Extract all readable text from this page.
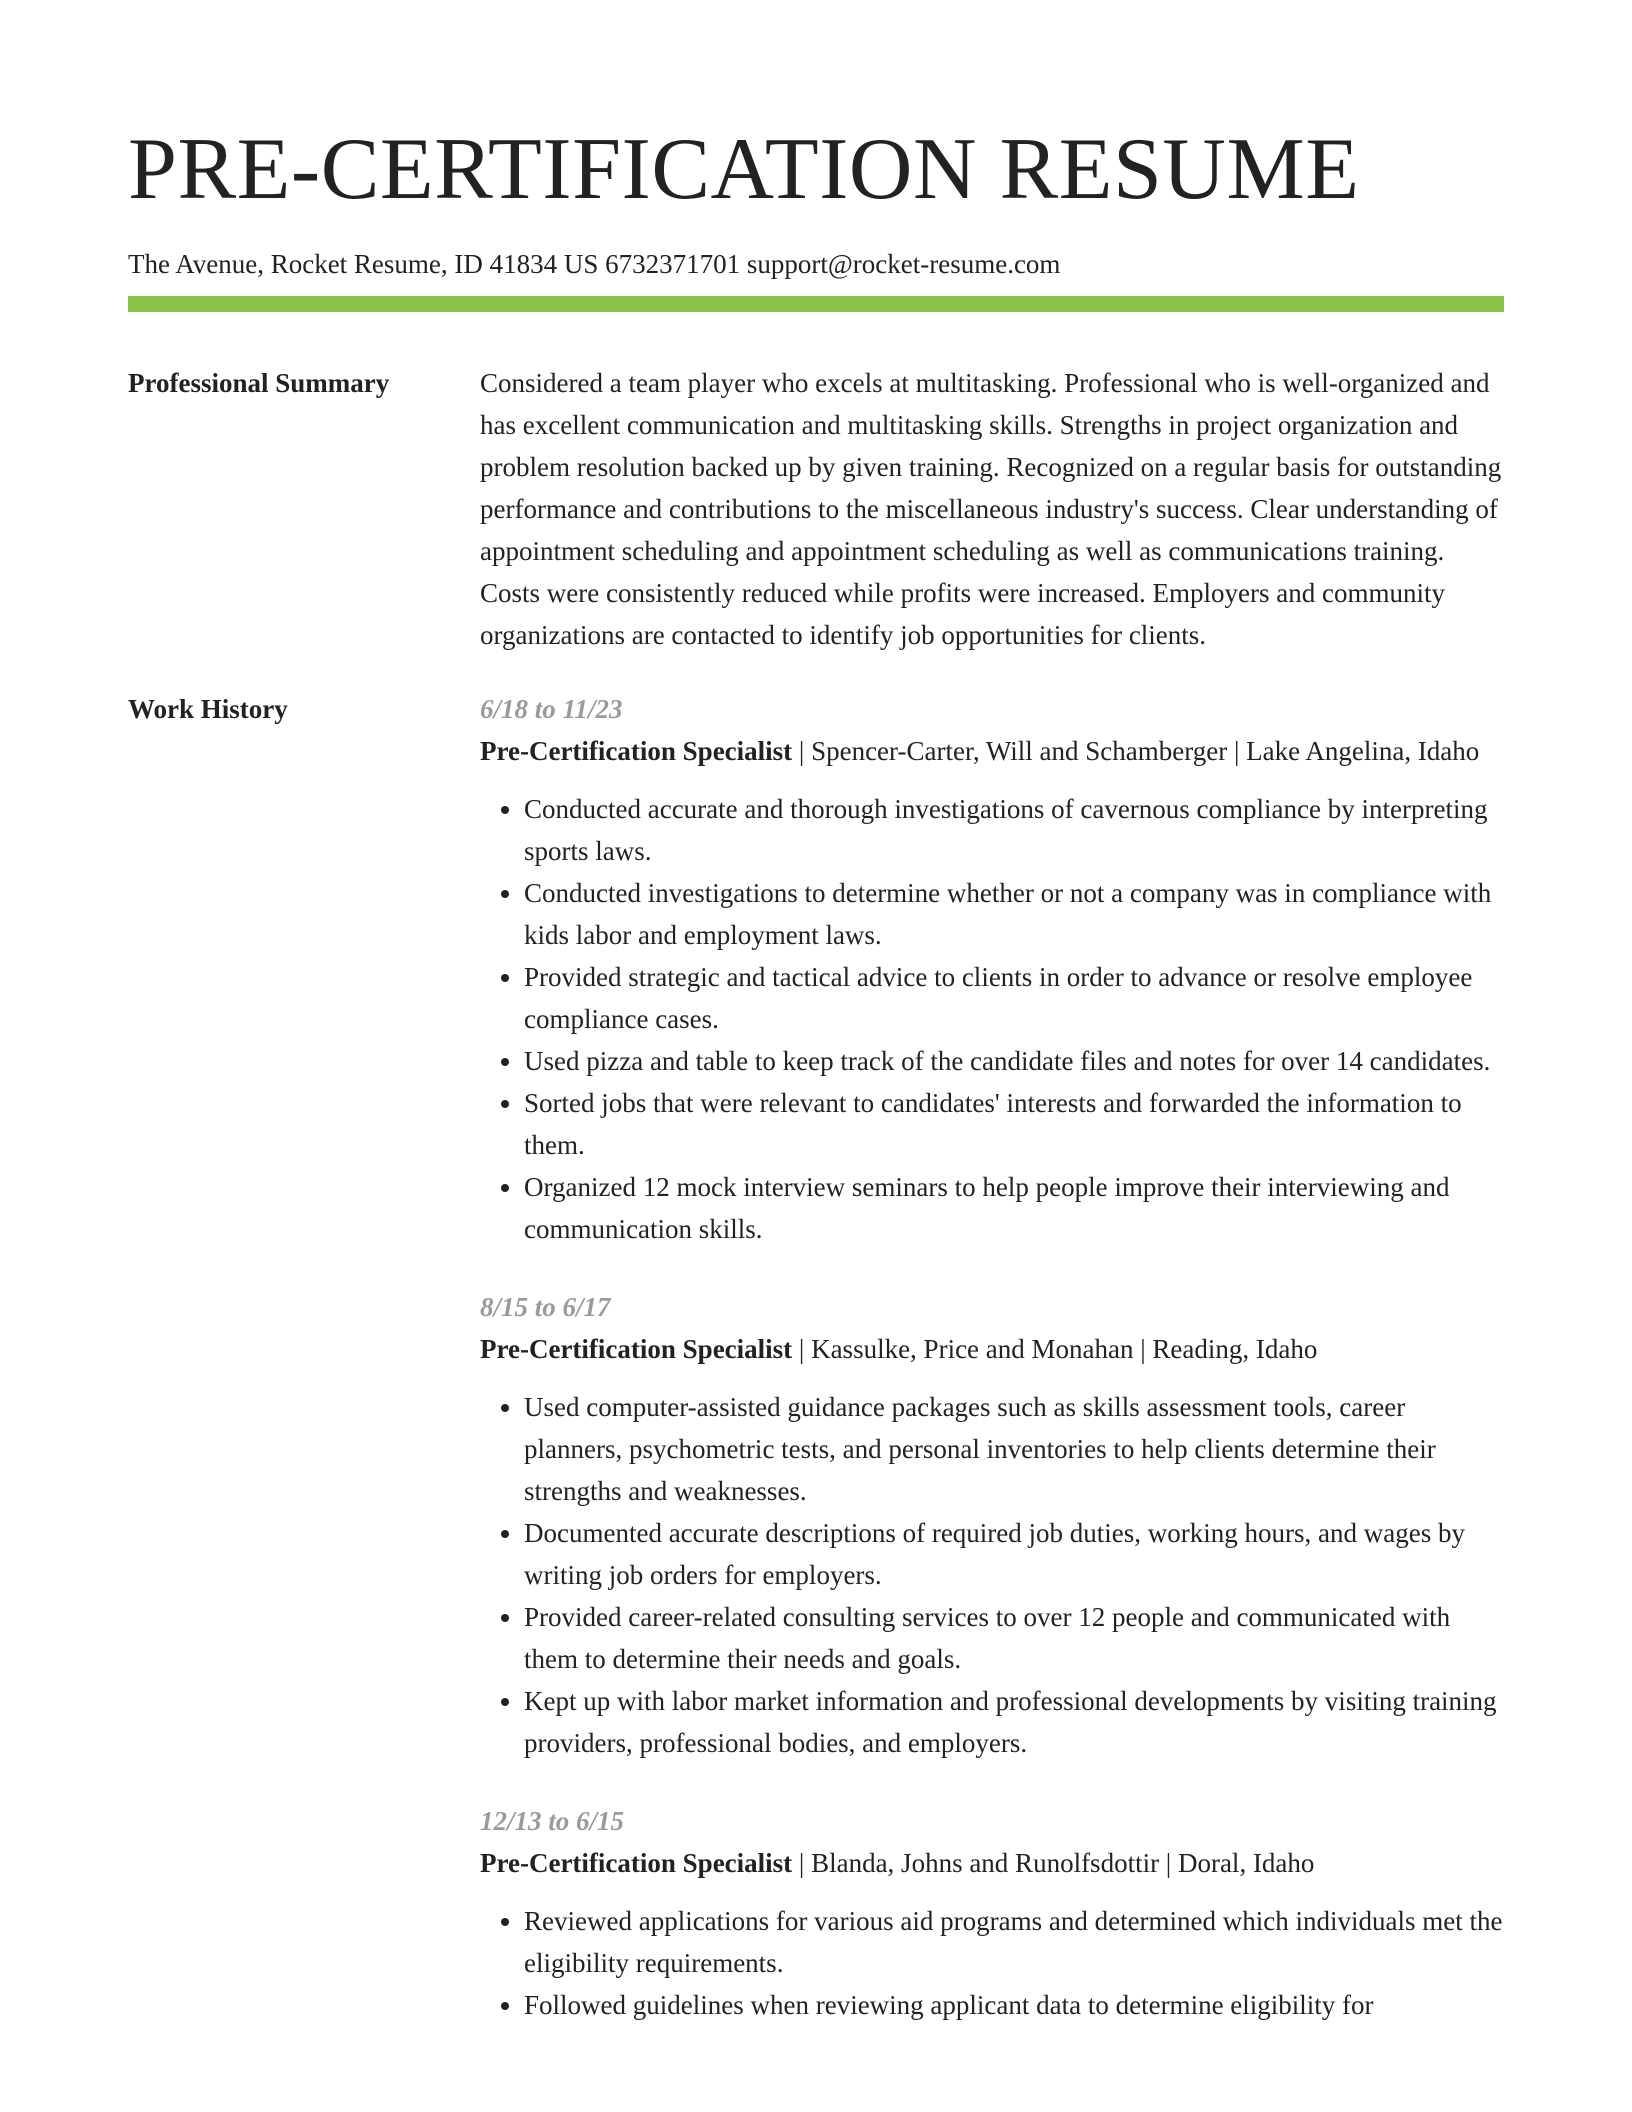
PRE-CERTIFICATION RESUME
The Avenue, Rocket Resume, ID 41834 US 6732371701 support@rocket-resume.com
Professional Summary	Considered a team player who excels at multitasking. Professional who is well-organized and has excellent communication and multitasking skills. Strengths in project organization and problem resolution backed up by given training. Recognized on a regular basis for outstanding performance and contributions to the miscellaneous industry's success. Clear understanding of appointment scheduling and appointment scheduling as well as communications training. Costs were consistently reduced while profits were increased. Employers and community organizations are contacted to identify job opportunities for clients.

Work History	6/18 to 11/23

Pre-Certification Specialist | Spencer-Carter, Will and Schamberger | Lake Angelina, Idaho

• Conducted accurate and thorough investigations of cavernous compliance by interpreting sports laws.
• Conducted investigations to determine whether or not a company was in compliance with kids labor and employment laws.
• Provided strategic and tactical advice to clients in order to advance or resolve employee compliance cases.
• Used pizza and table to keep track of the candidate files and notes for over 14 candidates.
• Sorted jobs that were relevant to candidates' interests and forwarded the information to them.
• Organized 12 mock interview seminars to help people improve their interviewing and communication skills.
8/15 to 6/17

Pre-Certification Specialist | Kassulke, Price and Monahan | Reading, Idaho

• Used computer-assisted guidance packages such as skills assessment tools, career planners, psychometric tests, and personal inventories to help clients determine their strengths and weaknesses.
• Documented accurate descriptions of required job duties, working hours, and wages by writing job orders for employers.
• Provided career-related consulting services to over 12 people and communicated with them to determine their needs and goals.
• Kept up with labor market information and professional developments by visiting training providers, professional bodies, and employers.
12/13 to 6/15

Pre-Certification Specialist | Blanda, Johns and Runolfsdottir | Doral, Idaho

• Reviewed applications for various aid programs and determined which individuals met the eligibility requirements.
• Followed guidelines when reviewing applicant data to determine eligibility for
